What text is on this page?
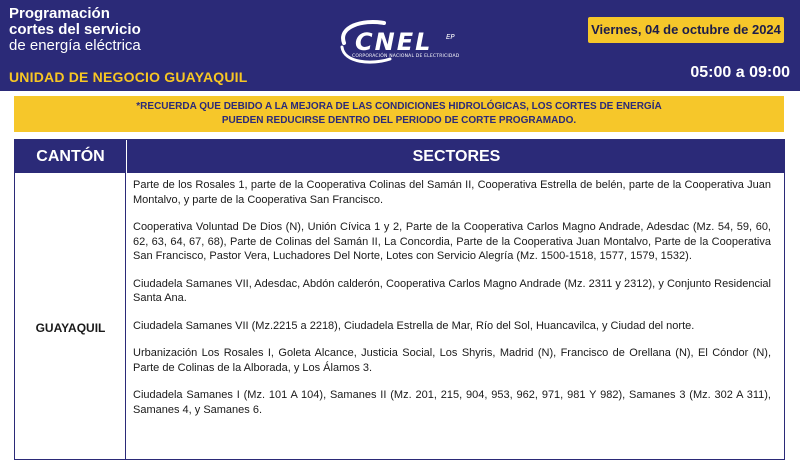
Programación
cortes del servicio
de energía eléctrica
UNIDAD DE NEGOCIO GUAYAQUIL
CNEL EP
CORPORACIÓN NACIONAL DE ELECTRICIDAD
Viernes, 04 de octubre de 2024
05:00 a 09:00
*RECUERDA QUE DEBIDO A LA MEJORA DE LAS CONDICIONES HIDROLÓGICAS, LOS CORTES DE ENERGÍA
PUEDEN REDUCIRSE DENTRO DEL PERIODO DE CORTE PROGRAMADO.
CANTÓN	SECTORES
GUAYAQUIL

Parte de los Rosales 1, parte de la Cooperativa Colinas del Samán II, Cooperativa Estrella de belén, parte de la Cooperativa Juan Montalvo, y parte de la Cooperativa San Francisco.

Cooperativa Voluntad De Dios (N), Unión Cívica 1 y 2, Parte de la Cooperativa Carlos Magno Andrade, Adesdac (Mz. 54, 59, 60, 62, 63, 64, 67, 68), Parte de Colinas del Samán II, La Concordia, Parte de la Cooperativa Juan Montalvo, Parte de la Cooperativa San Francisco, Pastor Vera, Luchadores Del Norte, Lotes con Servicio Alegría (Mz. 1500-1518, 1577, 1579, 1532).

Ciudadela Samanes VII, Adesdac, Abdón calderón, Cooperativa Carlos Magno Andrade (Mz. 2311 y 2312), y Conjunto Residencial Santa Ana.

Ciudadela Samanes VII (Mz.2215 a 2218), Ciudadela Estrella de Mar, Río del Sol, Huancavilca, y Ciudad del norte.

Urbanización Los Rosales I, Goleta Alcance, Justicia Social, Los Shyris, Madrid (N), Francisco de Orellana (N), El Cóndor (N), Parte de Colinas de la Alborada, y Los Álamos 3.

Ciudadela Samanes I (Mz. 101 A 104), Samanes II (Mz. 201, 215, 904, 953, 962, 971, 981 Y 982), Samanes 3 (Mz. 302 A 311), Samanes 4, y Samanes 6.
